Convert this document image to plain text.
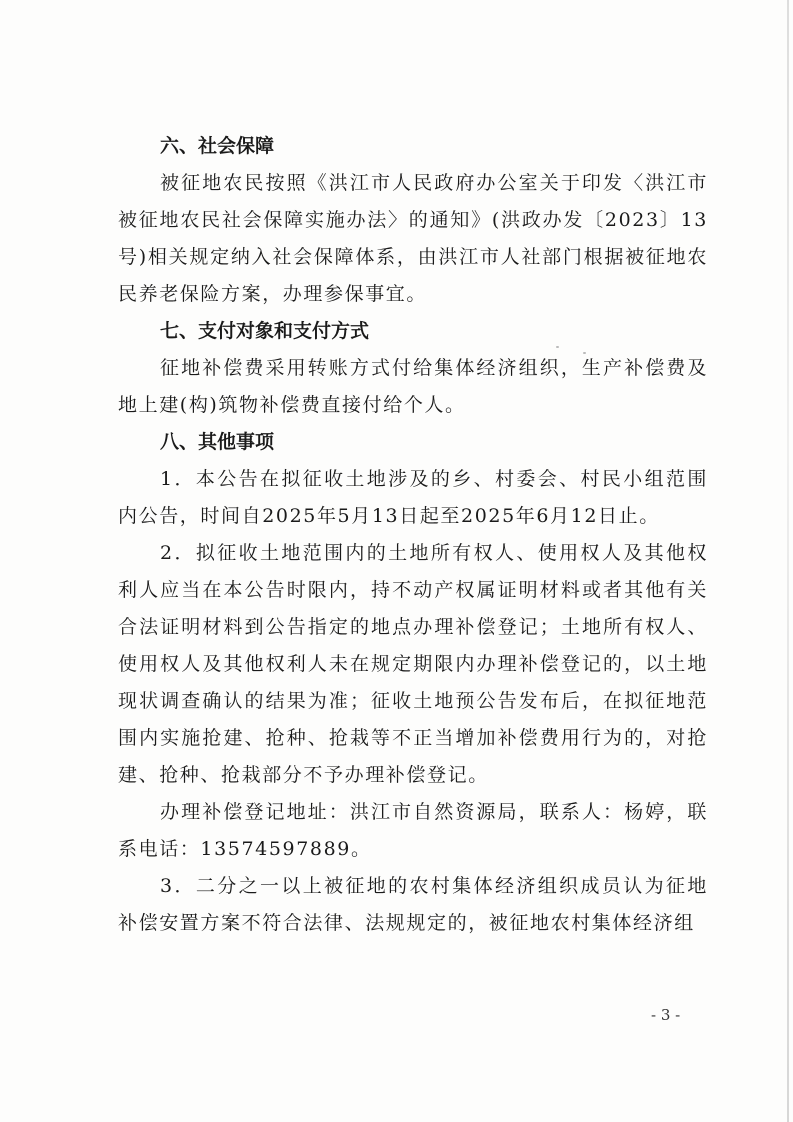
六、社会保障
被征地农民按照《洪江市人民政府办公室关于印发〈洪江市被征地农民社会保障实施办法〉的通知》(洪政办发〔2023〕13号)相关规定纳入社会保障体系，由洪江市人社部门根据被征地农民养老保险方案，办理参保事宜。
七、支付对象和支付方式
征地补偿费采用转账方式付给集体经济组织，生产补偿费及地上建(构)筑物补偿费直接付给个人。
八、其他事项
1．本公告在拟征收土地涉及的乡、村委会、村民小组范围内公告，时间自2025年5月13日起至2025年6月12日止。
2．拟征收土地范围内的土地所有权人、使用权人及其他权利人应当在本公告时限内，持不动产权属证明材料或者其他有关合法证明材料到公告指定的地点办理补偿登记；土地所有权人、使用权人及其他权利人未在规定期限内办理补偿登记的，以土地现状调查确认的结果为准；征收土地预公告发布后，在拟征地范围内实施抢建、抢种、抢栽等不正当增加补偿费用行为的，对抢建、抢种、抢栽部分不予办理补偿登记。
办理补偿登记地址：洪江市自然资源局，联系人：杨婷，联系电话：13574597889。
3．二分之一以上被征地的农村集体经济组织成员认为征地补偿安置方案不符合法律、法规规定的，被征地农村集体经济组
- 3 -
